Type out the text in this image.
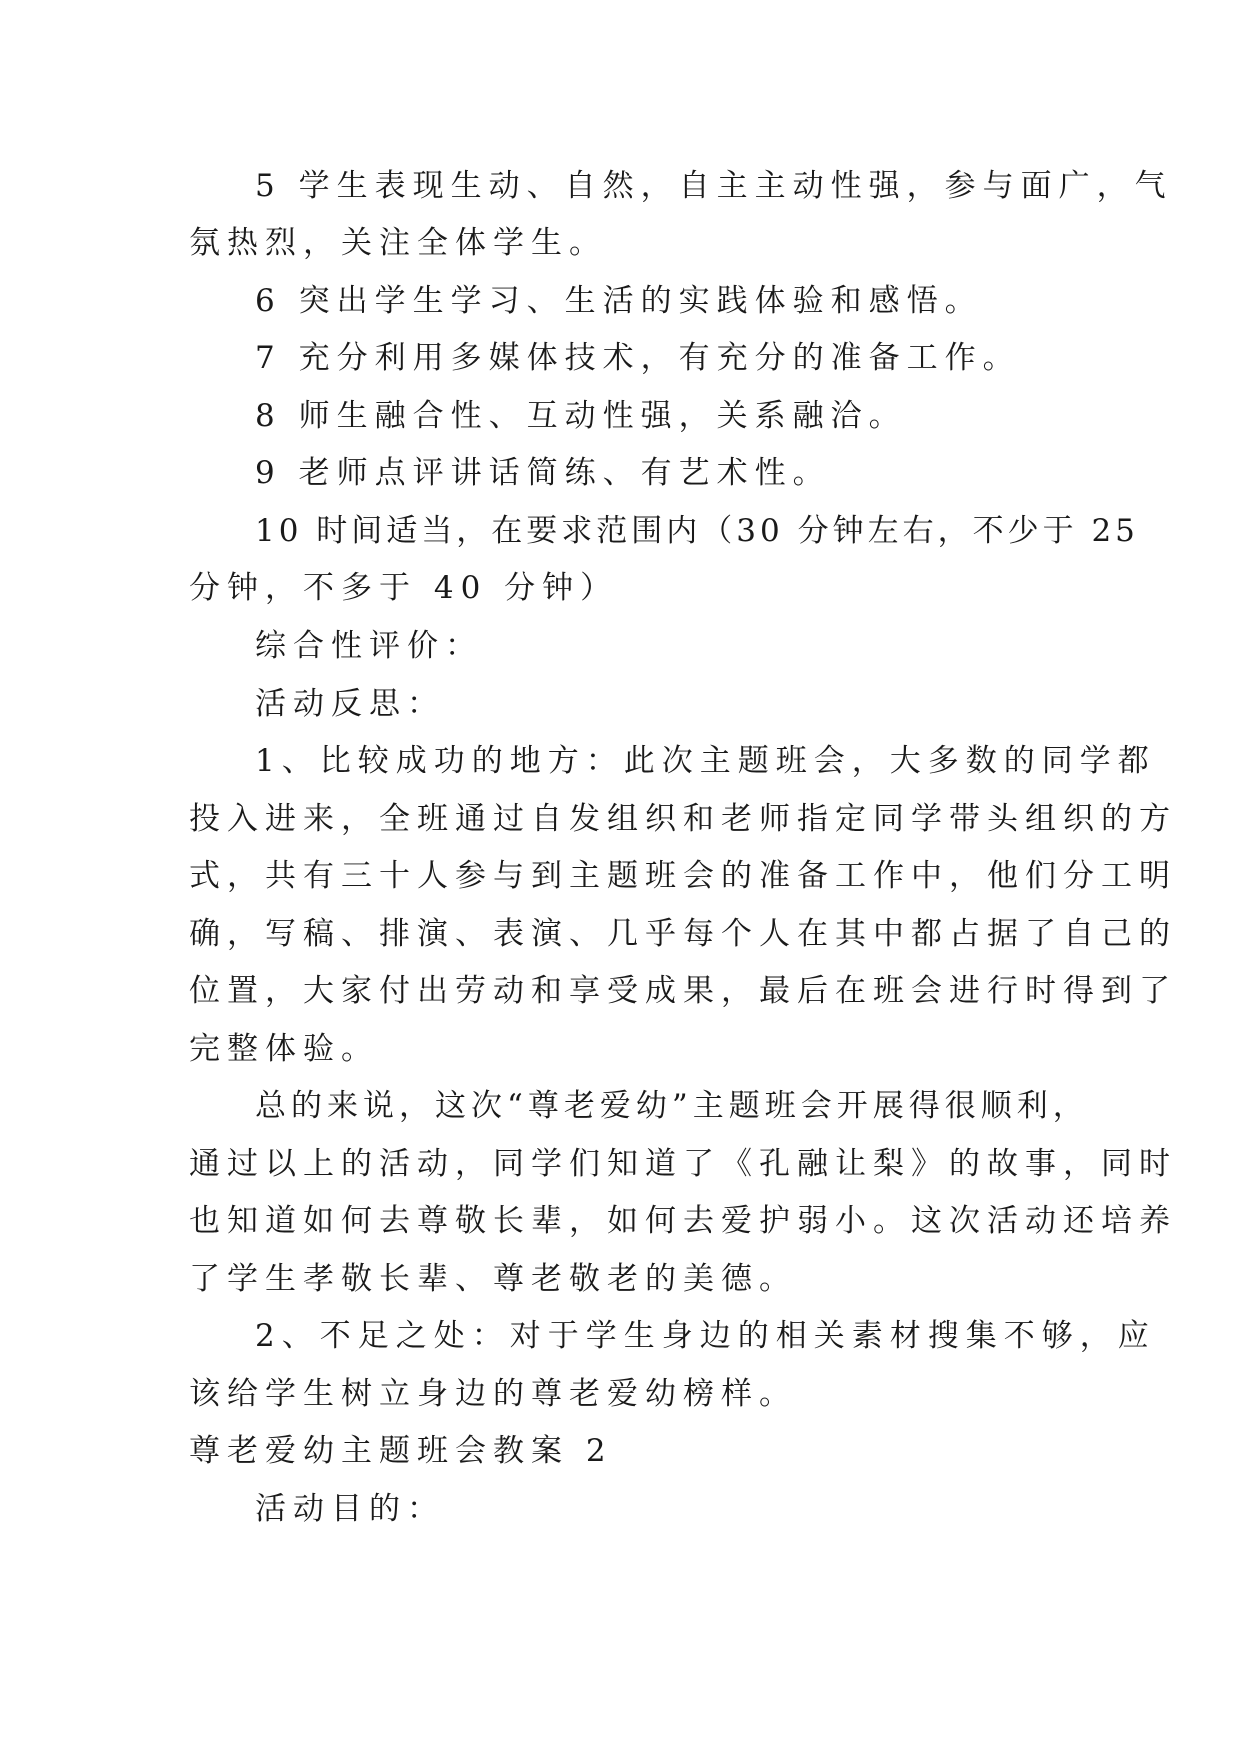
5 学生表现生动、自然，自主主动性强，参与面广，气

氛热烈，关注全体学生。

6 突出学生学习、生活的实践体验和感悟。

7 充分利用多媒体技术，有充分的准备工作。

8 师生融合性、互动性强，关系融洽。

9 老师点评讲话简练、有艺术性。

10 时间适当，在要求范围内（30 分钟左右，不少于 25

分钟，不多于 40 分钟）

综合性评价：

活动反思：

1、比较成功的地方：此次主题班会，大多数的同学都

投入进来，全班通过自发组织和老师指定同学带头组织的方

式，共有三十人参与到主题班会的准备工作中，他们分工明

确，写稿、排演、表演、几乎每个人在其中都占据了自己的

位置，大家付出劳动和享受成果，最后在班会进行时得到了

完整体验。

总的来说，这次“尊老爱幼”主题班会开展得很顺利，

通过以上的活动，同学们知道了《孔融让梨》的故事，同时

也知道如何去尊敬长辈，如何去爱护弱小。这次活动还培养

了学生孝敬长辈、尊老敬老的美德。

2、不足之处：对于学生身边的相关素材搜集不够，应

该给学生树立身边的尊老爱幼榜样。

尊老爱幼主题班会教案 2

活动目的：
